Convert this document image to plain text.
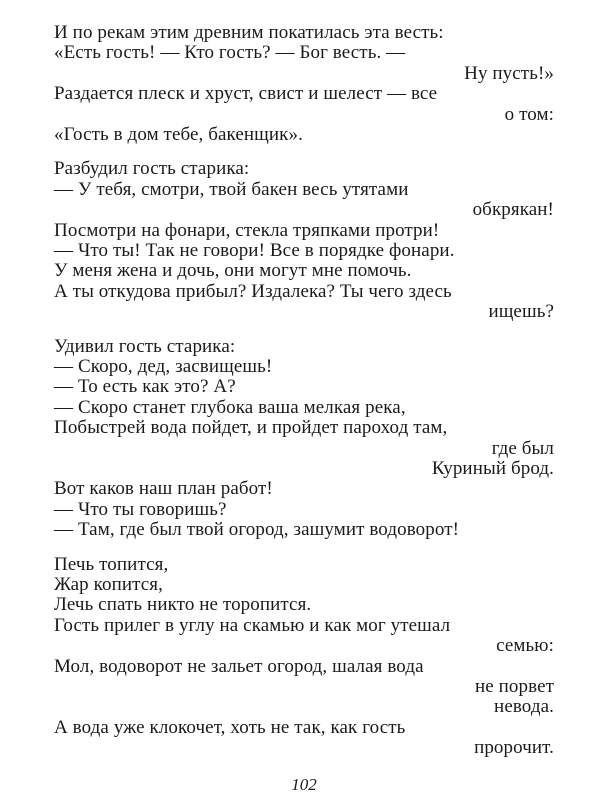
И по рекам этим древним покатилась эта весть:
«Есть гость! — Кто гость? — Бог весть. —
Ну пусть!»
Раздается плеск и хруст, свист и шелест — все
о том:
«Гость в дом тебе, бакенщик».
Разбудил гость старика:
— У тебя, смотри, твой бакен весь утятами
обкрякан!
Посмотри на фонари, стекла тряпками протри!
— Что ты! Так не говори! Все в порядке фонари.
У меня жена и дочь, они могут мне помочь.
А ты откудова прибыл? Издалека? Ты чего здесь
ищешь?
Удивил гость старика:
— Скоро, дед, засвищешь!
— То есть как это? А?
— Скоро станет глубока ваша мелкая река,
Побыстрей вода пойдет, и пройдет пароход там,
где был
Куриный брод.
Вот каков наш план работ!
— Что ты говоришь?
— Там, где был твой огород, зашумит водоворот!
Печь топится,
Жар копится,
Лечь спать никто не торопится.
Гость прилег в углу на скамью и как мог утешал
семью:
Мол, водоворот не зальет огород, шалая вода
не порвет
невода.
А вода уже клокочет, хоть не так, как гость
пророчит.
102
